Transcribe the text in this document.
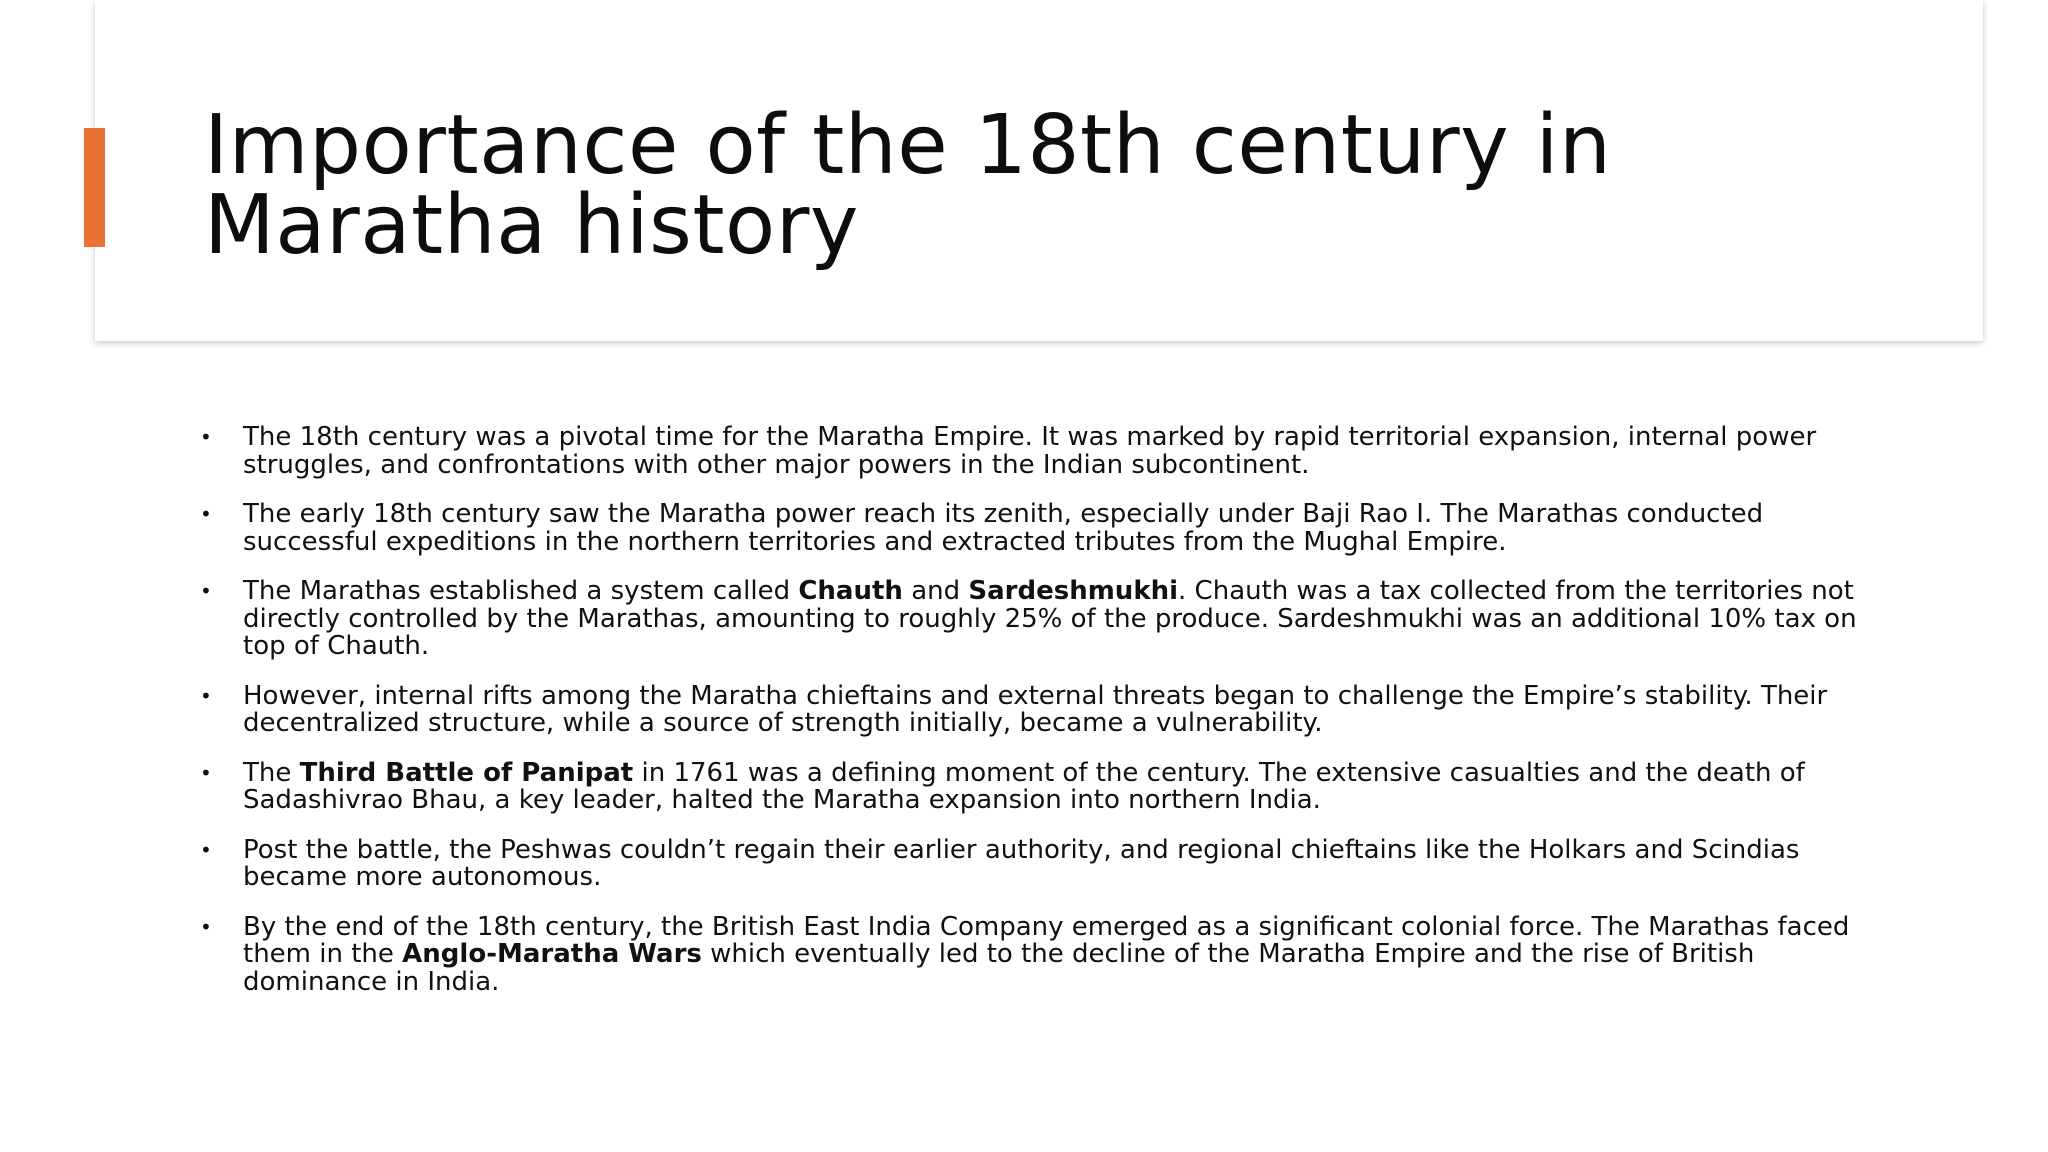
Importance of the 18th century in Maratha history
• The 18th century was a pivotal time for the Maratha Empire. It was marked by rapid territorial expansion, internal power struggles, and confrontations with other major powers in the Indian subcontinent.
• The early 18th century saw the Maratha power reach its zenith, especially under Baji Rao I. The Marathas conducted successful expeditions in the northern territories and extracted tributes from the Mughal Empire.
• The Marathas established a system called Chauth and Sardeshmukhi. Chauth was a tax collected from the territories not directly controlled by the Marathas, amounting to roughly 25% of the produce. Sardeshmukhi was an additional 10% tax on top of Chauth.
• However, internal rifts among the Maratha chieftains and external threats began to challenge the Empire’s stability. Their decentralized structure, while a source of strength initially, became a vulnerability.
• The Third Battle of Panipat in 1761 was a defining moment of the century. The extensive casualties and the death of Sadashivrao Bhau, a key leader, halted the Maratha expansion into northern India.
• Post the battle, the Peshwas couldn’t regain their earlier authority, and regional chieftains like the Holkars and Scindias became more autonomous.
• By the end of the 18th century, the British East India Company emerged as a significant colonial force. The Marathas faced them in the Anglo-Maratha Wars which eventually led to the decline of the Maratha Empire and the rise of British dominance in India.
